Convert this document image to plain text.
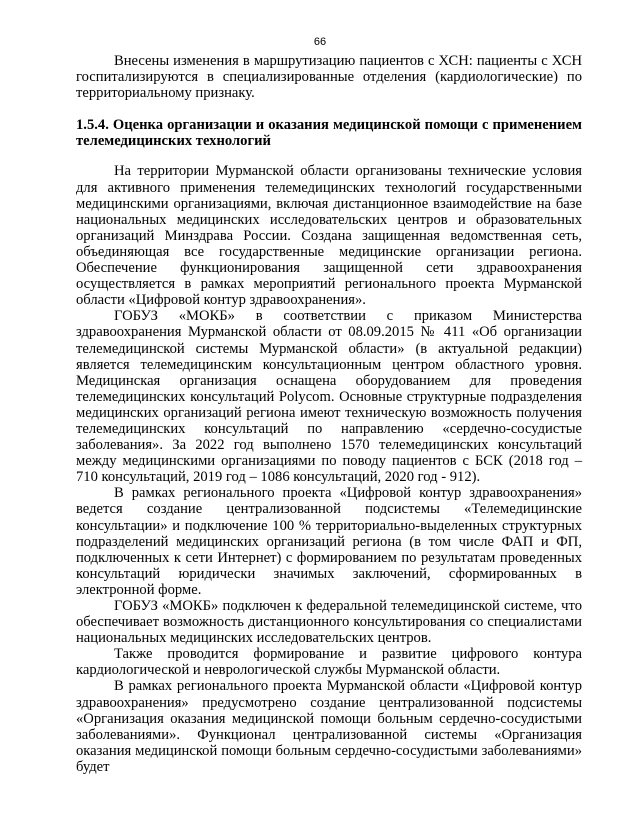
66

Внесены изменения в маршрутизацию пациентов с ХСН: пациенты с ХСН госпитализируются в специализированные отделения (кардиологические) по территориальному признаку.

1.5.4. Оценка организации и оказания медицинской помощи с применением телемедицинских технологий

На территории Мурманской области организованы технические условия для активного применения телемедицинских технологий государственными медицинскими организациями, включая дистанционное взаимодействие на базе национальных медицинских исследовательских центров и образовательных организаций Минздрава России. Создана защищенная ведомственная сеть, объединяющая все государственные медицинские организации региона. Обеспечение функционирования защищенной сети здравоохранения осуществляется в рамках мероприятий регионального проекта Мурманской области «Цифровой контур здравоохранения».

ГОБУЗ «МОКБ» в соответствии с приказом Министерства здравоохранения Мурманской области от 08.09.2015 № 411 «Об организации телемедицинской системы Мурманской области» (в актуальной редакции) является телемедицинским консультационным центром областного уровня. Медицинская организация оснащена оборудованием для проведения телемедицинских консультаций Polycom. Основные структурные подразделения медицинских организаций региона имеют техническую возможность получения телемедицинских консультаций по направлению «сердечно-сосудистые заболевания». За 2022 год выполнено 1570 телемедицинских консультаций между медицинскими организациями по поводу пациентов с БСК (2018 год – 710 консультаций, 2019 год – 1086 консультаций, 2020 год - 912).

В рамках регионального проекта «Цифровой контур здравоохранения» ведется создание централизованной подсистемы «Телемедицинские консультации» и подключение 100 % территориально-выделенных структурных подразделений медицинских организаций региона (в том числе ФАП и ФП, подключенных к сети Интернет) с формированием по результатам проведенных консультаций юридически значимых заключений, сформированных в электронной форме.

ГОБУЗ «МОКБ» подключен к федеральной телемедицинской системе, что обеспечивает возможность дистанционного консультирования со специалистами национальных медицинских исследовательских центров.

Также проводится формирование и развитие цифрового контура кардиологической и неврологической службы Мурманской области.

В рамках регионального проекта Мурманской области «Цифровой контур здравоохранения» предусмотрено создание централизованной подсистемы «Организация оказания медицинской помощи больным сердечно-сосудистыми заболеваниями». Функционал централизованной системы «Организация оказания медицинской помощи больным сердечно-сосудистыми заболеваниями» будет
